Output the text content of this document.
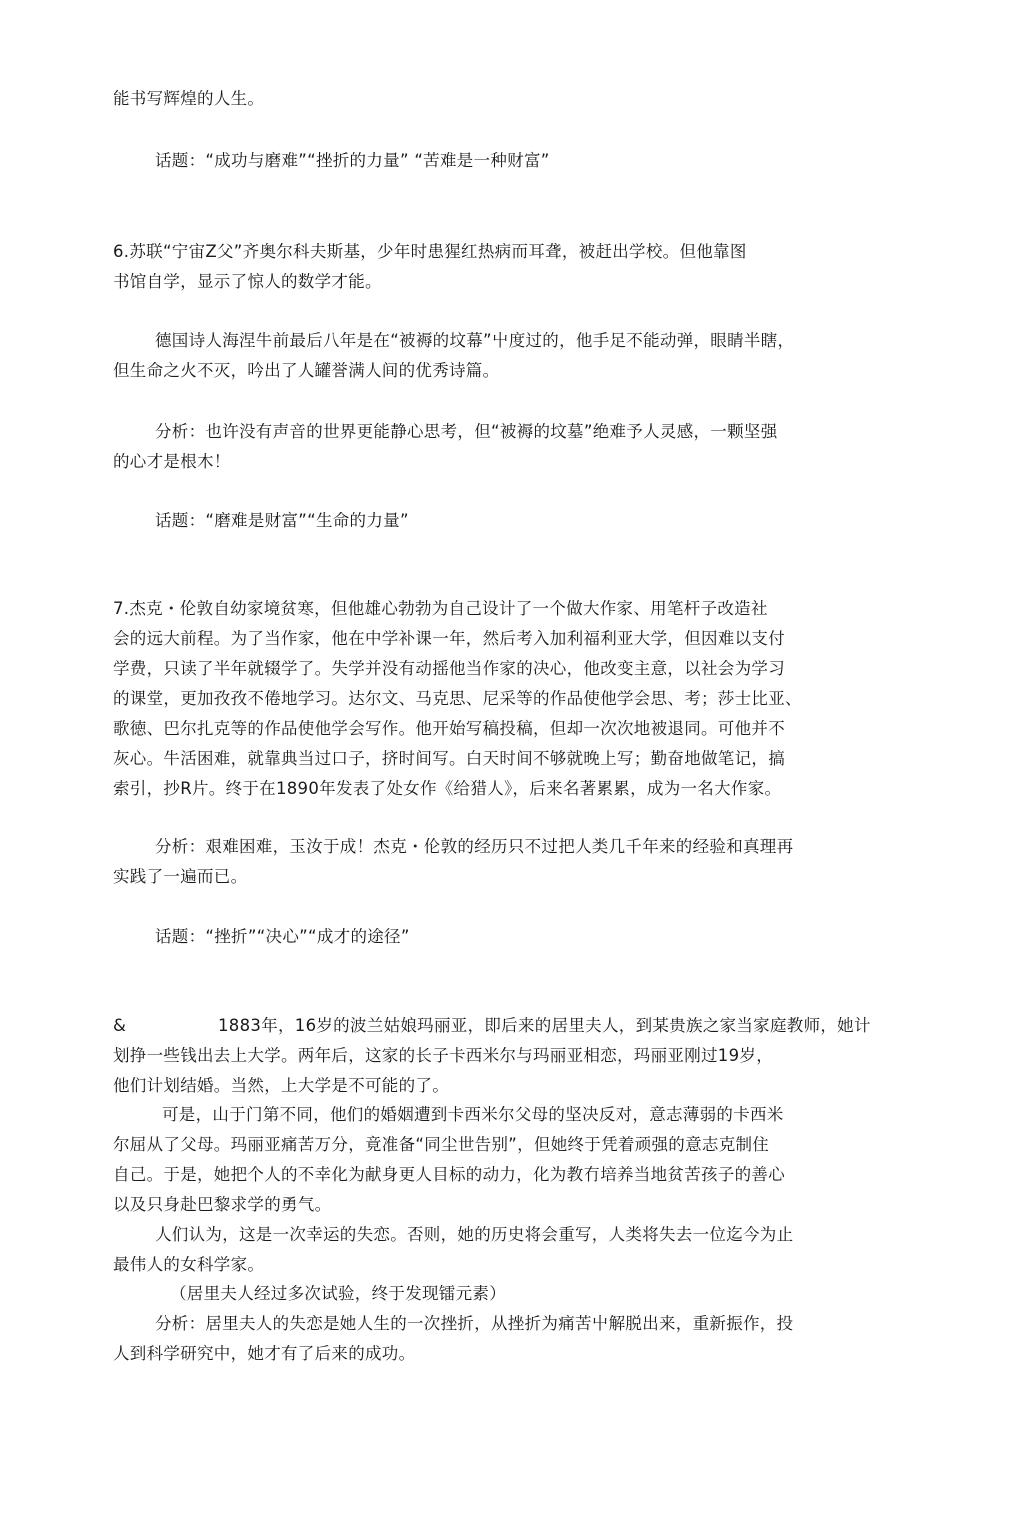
能书写辉煌的人生。
话题：“成功与磨难”“挫折的力量” “苦难是一种财富”
6.苏联“宁宙Z父”齐奥尔科夫斯基，少年时患猩红热病而耳聋，被赶出学校。但他靠图
书馆自学，显示了惊人的数学才能。
德国诗人海涅牛前最后八年是在“被褥的坟幕”屮度过的，他手足不能动弹，眼睛半瞎，
但生命之火不灭，吟出了人罐誉满人间的优秀诗篇。
分析：也许没有声音的世界更能静心思考，但“被褥的坟墓”绝难予人灵感，一颗坚强
的心才是根木！
话题：“磨难是财富”“生命的力量”
7.杰克・伦敦自幼家境贫寒，但他雄心勃勃为自己设计了一个做大作家、用笔杆子改造社
会的远大前程。为了当作家，他在中学补课一年，然后考入加利福利亚大学，但因难以支付
学费，只读了半年就辍学了。失学并没有动摇他当作家的决心，他改变主意，以社会为学习
的课堂，更加孜孜不倦地学习。达尔文、马克思、尼采等的作品使他学会思、考；莎士比亚、
歌徳、巴尔扎克等的作品使他学会写作。他开始写稿投稿，但却一次次地被退同。可他并不
灰心。牛活困难，就靠典当过口子，挤时间写。白天时间不够就晚上写；勤奋地做笔记，搞
索引，抄R片。终于在1890年发表了处女作《给猎人》，后来名著累累，成为一名大作家。
分析：艰难困难，玉汝于成！杰克・伦敦的经历只不过把人类几千年来的经验和真理再
实践了一遍而已。
话题：“挫折”“决心”“成才的途径”
&	1883年，16岁的波兰姑娘玛丽亚，即后来的居里夫人，到某贵族之家当家庭教师，她计
划挣一些钱出去上大学。两年后，这家的长子卡西米尔与玛丽亚相恋，玛丽亚刚过19岁，
他们计划结婚。当然，上大学是不可能的了。
可是，山于门第不同，他们的婚姻遭到卡西米尔父母的坚决反对，意志薄弱的卡西米
尔屈从了父母。玛丽亚痛苦万分，竟准备“同尘世告别”，但她终于凭着顽强的意志克制住
自己。于是，她把个人的不幸化为献身更人目标的动力，化为教冇培养当地贫苦孩子的善心
以及只身赴巴黎求学的勇气。
人们认为，这是一次幸运的失恋。否则，她的历史将会重写，人类将失去一位迄今为止
最伟人的女科学家。
（居里夫人经过多次试验，终于发现镭元素）
分析：居里夫人的失恋是她人生的一次挫折，从挫折为痛苦屮解脱出来，重新振作，投
人到科学研究中，她才有了后来的成功。
